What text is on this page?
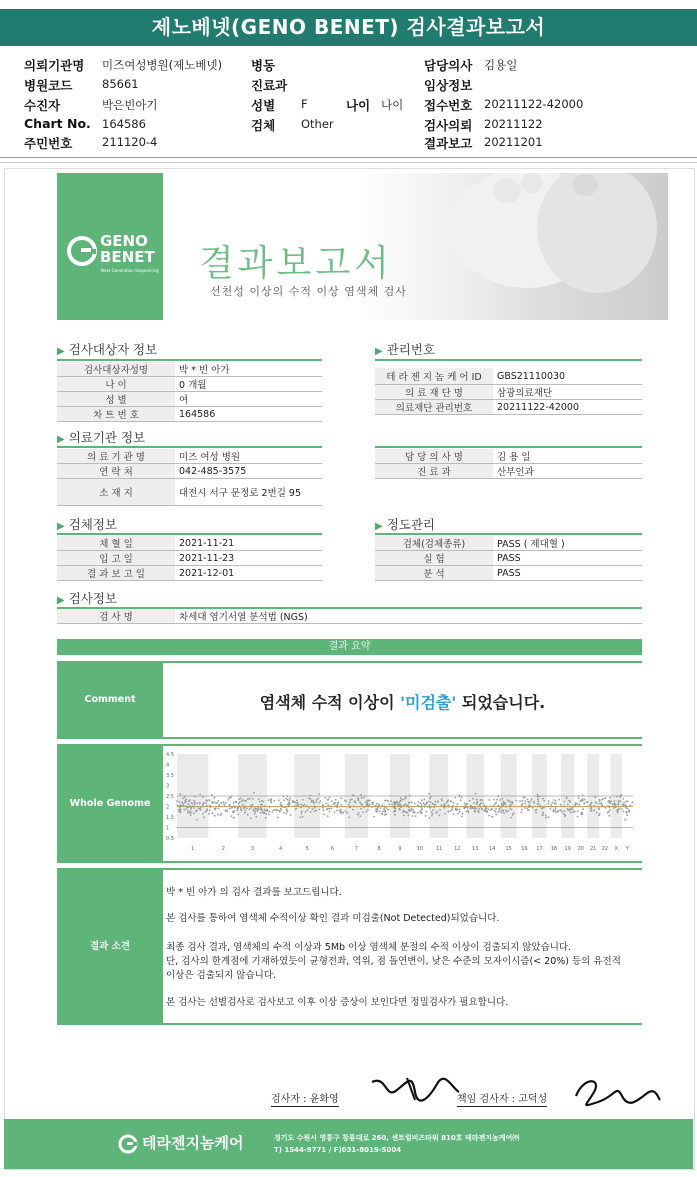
제노베넷(GENO BENET) 검사결과보고서
의뢰기관명 미즈여성병원(제노베넷)
병원코드	85661
수진자	박은빈아기
Chart No. 164586
주민번호	211120-4
병동
진료과
성별 F	나이 나이
검체 Other
담당의사 김용일
임상정보
접수번호 20211122-42000
검사의뢰 20211122
결과보고 20211201
GENO
BENET
Next Generation Sequencing 결과보고서
선천성 이상의 수적 이상 염색체 검사
▶ 검사대상자 정보
검사대상자성명	박 * 빈 아가
나 이	0 개월
성 별	여
차 트 번 호	164586
▶ 관리번호
테 라 젠 지 놈 케 어 ID	GBS21110030
의 료 재 단 명	삼광의료재단
의료재단 관리번호	20211122-42000
▶ 의료기관 정보
의 료 기 관 명	미즈 여성 병원
연 락 처	042-485-3575
소 재 지	대전시 서구 문정로 2번길 95
담 당 의 사 명	김 용 일
진 료 과	산부인과
▶ 검체정보
채 혈 일	2021-11-21
입 고 일	2021-11-23
결 과 보 고 일	2021-12-01
▶ 정도관리
검체(검체종류)	PASS ( 제대혈 )
실 험	PASS
분 석	PASS
▶ 검사정보
검 사 명	차세대 염기서열 분석법 (NGS)
결과 요약
Comment	염색체 수적 이상이 '미검출' 되었습니다.
Whole Genome
1	2	3	4	5	6	7	8	9	10	11 12 13 14 15 16 17 18 19 20 21 22 X Y
4.5
4
3.5
3
2.5
2
1.5
1
0.5
결과 소견
박 * 빈 아가 의 검사 결과를 보고드립니다.
본 검사를 통하여 염색체 수적이상 확인 결과 미검출(Not Detected)되었습니다.
최종 검사 결과, 염색체의 수적 이상과 5Mb 이상 염색체 분절의 수적 이상이 검출되지 않았습니다.
단, 검사의 한계점에 기재하였듯이 균형전좌, 역위, 점 돌연변이, 낮은 수준의 모자이시즘(< 20%) 등의 유전적
이상은 검출되지 않습니다.
본 검사는 선별검사로 검사보고 이후 이상 증상이 보인다면 정밀검사가 필요합니다.
검사자 : 윤화영	책임 검사자 : 고덕성
테라젠지놈케어	경기도 수원시 영통구 창룡대로 260, 센트럴비즈타워 810호 테라젠지놈케어㈜
T) 1544-9771 / F)031-8019-5004
